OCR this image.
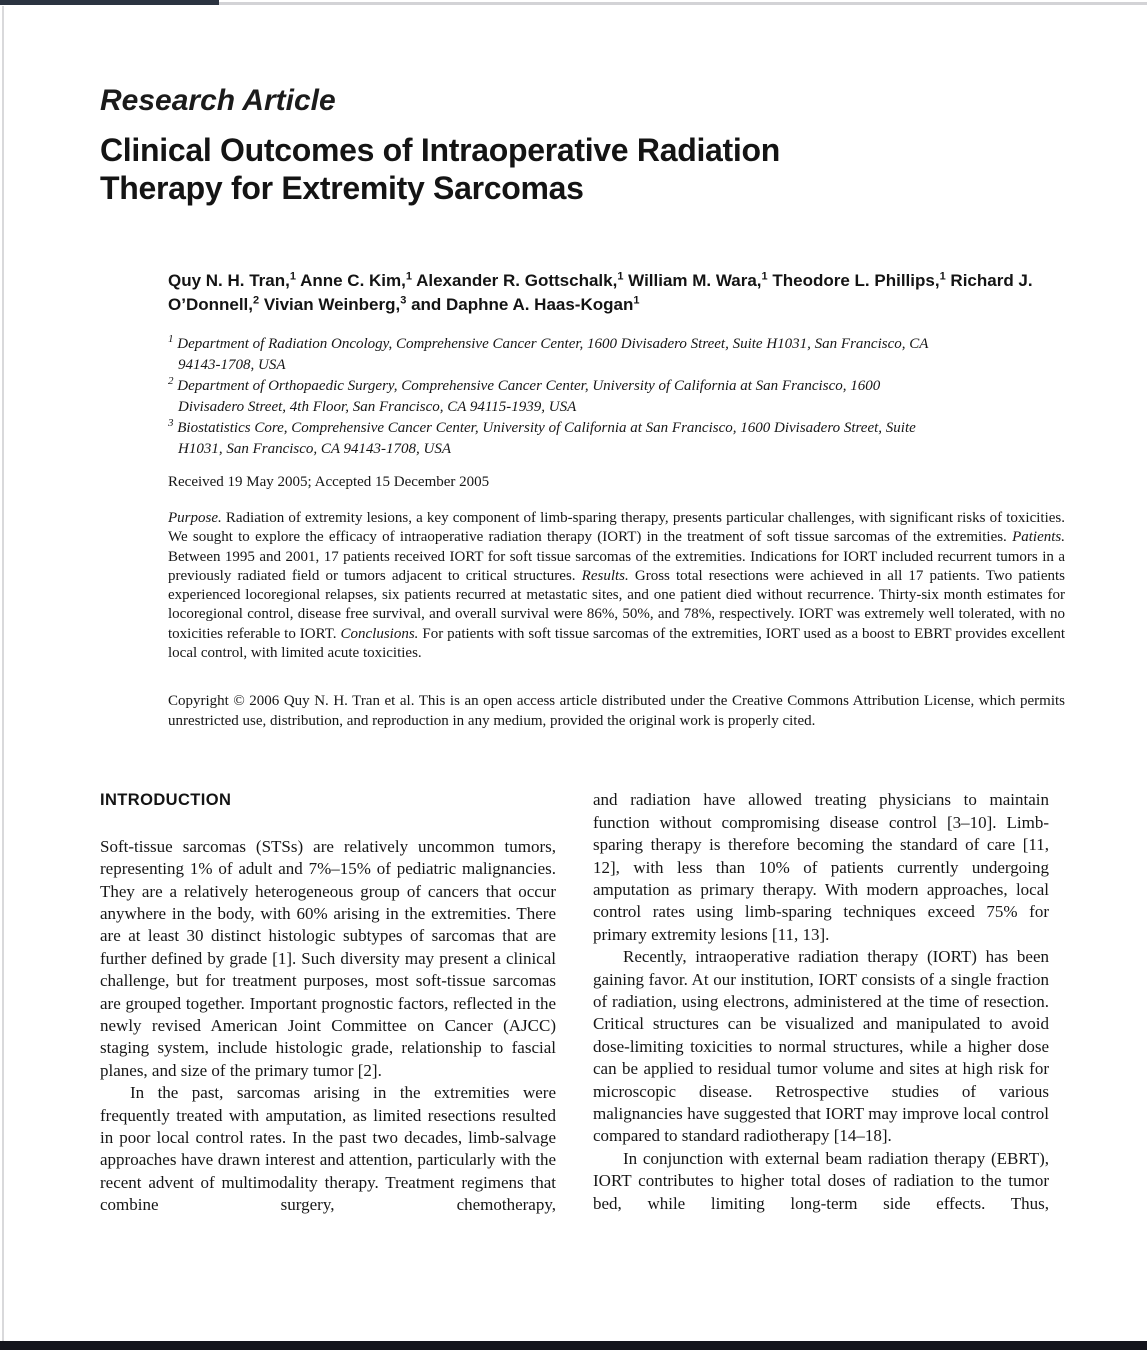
Research Article
Clinical Outcomes of Intraoperative Radiation
Therapy for Extremity Sarcomas
Quy N. H. Tran,$^1$ Anne C. Kim,$^1$ Alexander R. Gottschalk,$^1$ William M. Wara,$^1$ Theodore L. Phillips,$^1$ Richard J. O’Donnell,$^2$ Vivian Weinberg,$^3$ and Daphne A. Haas-Kogan$^1$
$^1$ Department of Radiation Oncology, Comprehensive Cancer Center, 1600 Divisadero Street, Suite H1031, San Francisco, CA 94143-1708, USA
$^2$ Department of Orthopaedic Surgery, Comprehensive Cancer Center, University of California at San Francisco, 1600 Divisadero Street, 4th Floor, San Francisco, CA 94115-1939, USA
$^3$ Biostatistics Core, Comprehensive Cancer Center, University of California at San Francisco, 1600 Divisadero Street, Suite H1031, San Francisco, CA 94143-1708, USA
Received 19 May 2005; Accepted 15 December 2005
Purpose. Radiation of extremity lesions, a key component of limb-sparing therapy, presents particular challenges, with significant risks of toxicities. We sought to explore the efficacy of intraoperative radiation therapy (IORT) in the treatment of soft tissue sarcomas of the extremities. Patients. Between 1995 and 2001, 17 patients received IORT for soft tissue sarcomas of the extremities. Indications for IORT included recurrent tumors in a previously radiated field or tumors adjacent to critical structures. Results. Gross total resections were achieved in all 17 patients. Two patients experienced locoregional relapses, six patients recurred at metastatic sites, and one patient died without recurrence. Thirty-six month estimates for locoregional control, disease free survival, and overall survival were 86%, 50%, and 78%, respectively. IORT was extremely well tolerated, with no toxicities referable to IORT. Conclusions. For patients with soft tissue sarcomas of the extremities, IORT used as a boost to EBRT provides excellent local control, with limited acute toxicities.
Copyright © 2006 Quy N. H. Tran et al. This is an open access article distributed under the Creative Commons Attribution License, which permits unrestricted use, distribution, and reproduction in any medium, provided the original work is properly cited.
INTRODUCTION

Soft-tissue sarcomas (STSs) are relatively uncommon tumors, representing 1% of adult and 7%–15% of pediatric malignancies. They are a relatively heterogeneous group of cancers that occur anywhere in the body, with 60% arising in the extremities. There are at least 30 distinct histologic subtypes of sarcomas that are further defined by grade [1]. Such diversity may present a clinical challenge, but for treatment purposes, most soft-tissue sarcomas are grouped together. Important prognostic factors, reflected in the newly revised American Joint Committee on Cancer (AJCC) staging system, include histologic grade, relationship to fascial planes, and size of the primary tumor [2].

In the past, sarcomas arising in the extremities were frequently treated with amputation, as limited resections resulted in poor local control rates. In the past two decades, limb-salvage approaches have drawn interest and attention, particularly with the recent advent of multimodality therapy. Treatment regimens that combine surgery, chemotherapy,

and radiation have allowed treating physicians to maintain function without compromising disease control [3–10]. Limb-sparing therapy is therefore becoming the standard of care [11, 12], with less than 10% of patients currently undergoing amputation as primary therapy. With modern approaches, local control rates using limb-sparing techniques exceed 75% for primary extremity lesions [11, 13].

Recently, intraoperative radiation therapy (IORT) has been gaining favor. At our institution, IORT consists of a single fraction of radiation, using electrons, administered at the time of resection. Critical structures can be visualized and manipulated to avoid dose-limiting toxicities to normal structures, while a higher dose can be applied to residual tumor volume and sites at high risk for microscopic disease. Retrospective studies of various malignancies have suggested that IORT may improve local control compared to standard radiotherapy [14–18].

In conjunction with external beam radiation therapy (EBRT), IORT contributes to higher total doses of radiation to the tumor bed, while limiting long-term side effects. Thus,
